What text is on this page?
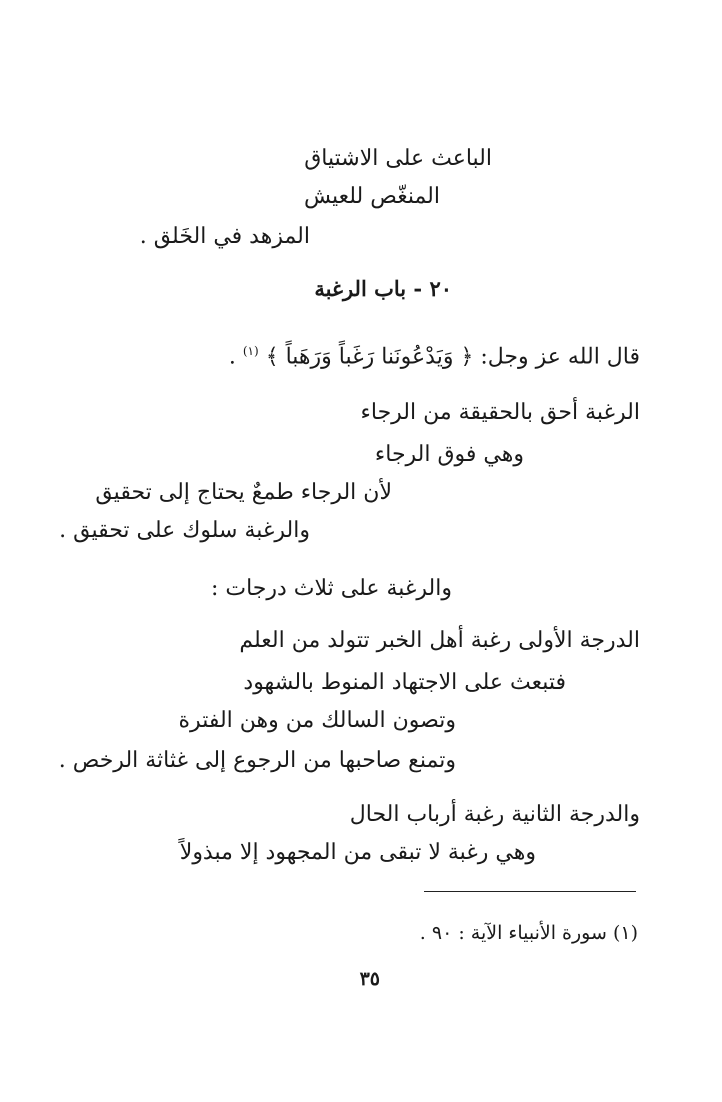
الباعث على الاشتياق
المنغّص للعيش
المزهد في الخَلق .
٢٠ - باب الرغبة
قال الله عز وجل: ﴿ وَيَدْعُونَنا رَغَباً وَرَهَباً ﴾ $^{(١)}$ .
الرغبة أحق بالحقيقة من الرجاء
وهي فوق الرجاء
لأن الرجاء طمعٌ يحتاج إلى تحقيق
والرغبة سلوك على تحقيق .
والرغبة على ثلاث درجات :
الدرجة الأولى رغبة أهل الخبر تتولد من العلم
فتبعث على الاجتهاد المنوط بالشهود
وتصون السالك من وهن الفترة
وتمنع صاحبها من الرجوع إلى غثاثة الرخص .
والدرجة الثانية رغبة أرباب الحال
وهي رغبة لا تبقى من المجهود إلا مبذولاً
(١) سورة الأنبياء الآية : ٩٠ .
٣٥
